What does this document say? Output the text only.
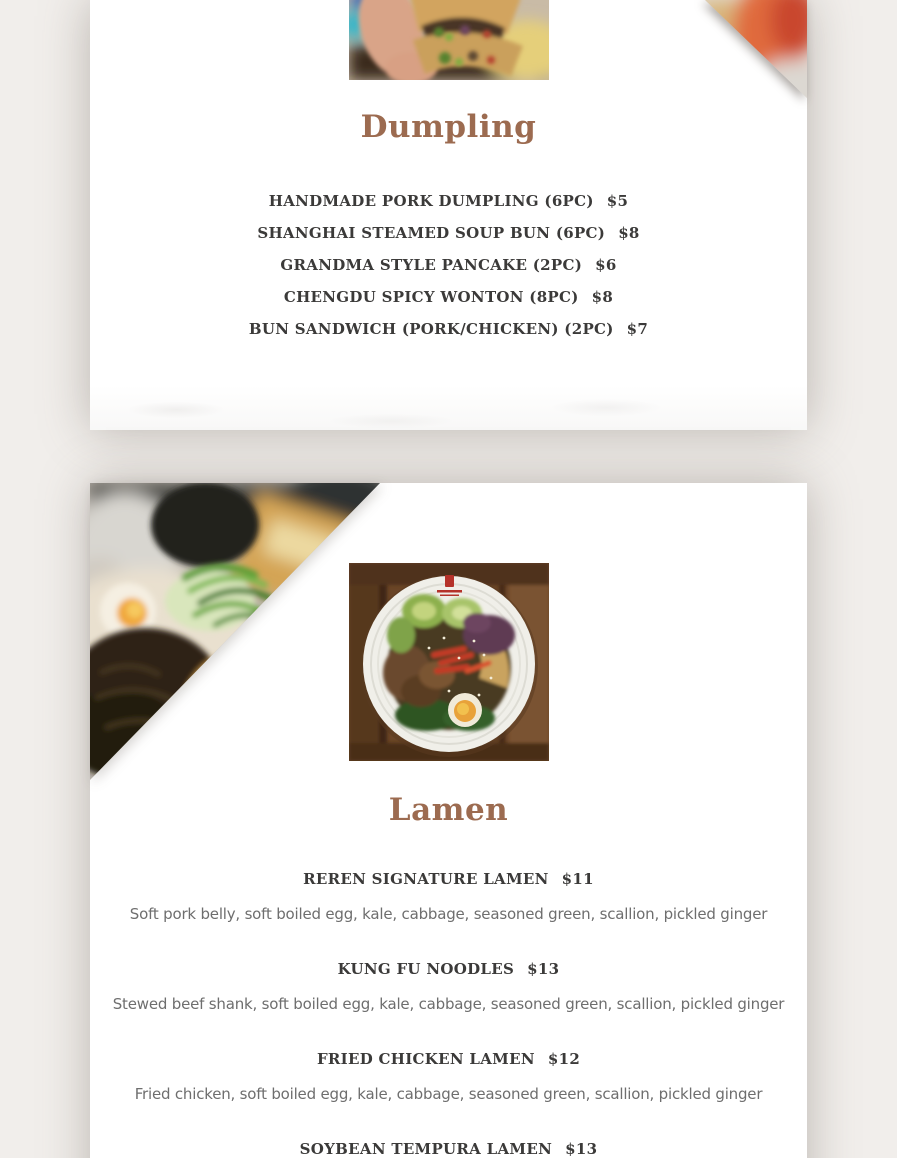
Dumpling
HANDMADE PORK DUMPLING (6PC) $5
SHANGHAI STEAMED SOUP BUN (6PC) $8
GRANDMA STYLE PANCAKE (2PC) $6
CHENGDU SPICY WONTON (8PC) $8
BUN SANDWICH (PORK/CHICKEN) (2PC) $7
Lamen
REREN SIGNATURE LAMEN $11
Soft pork belly, soft boiled egg, kale, cabbage, seasoned green, scallion, pickled ginger
KUNG FU NOODLES $13
Stewed beef shank, soft boiled egg, kale, cabbage, seasoned green, scallion, pickled ginger
FRIED CHICKEN LAMEN $12
Fried chicken, soft boiled egg, kale, cabbage, seasoned green, scallion, pickled ginger
SOYBEAN TEMPURA LAMEN $13
